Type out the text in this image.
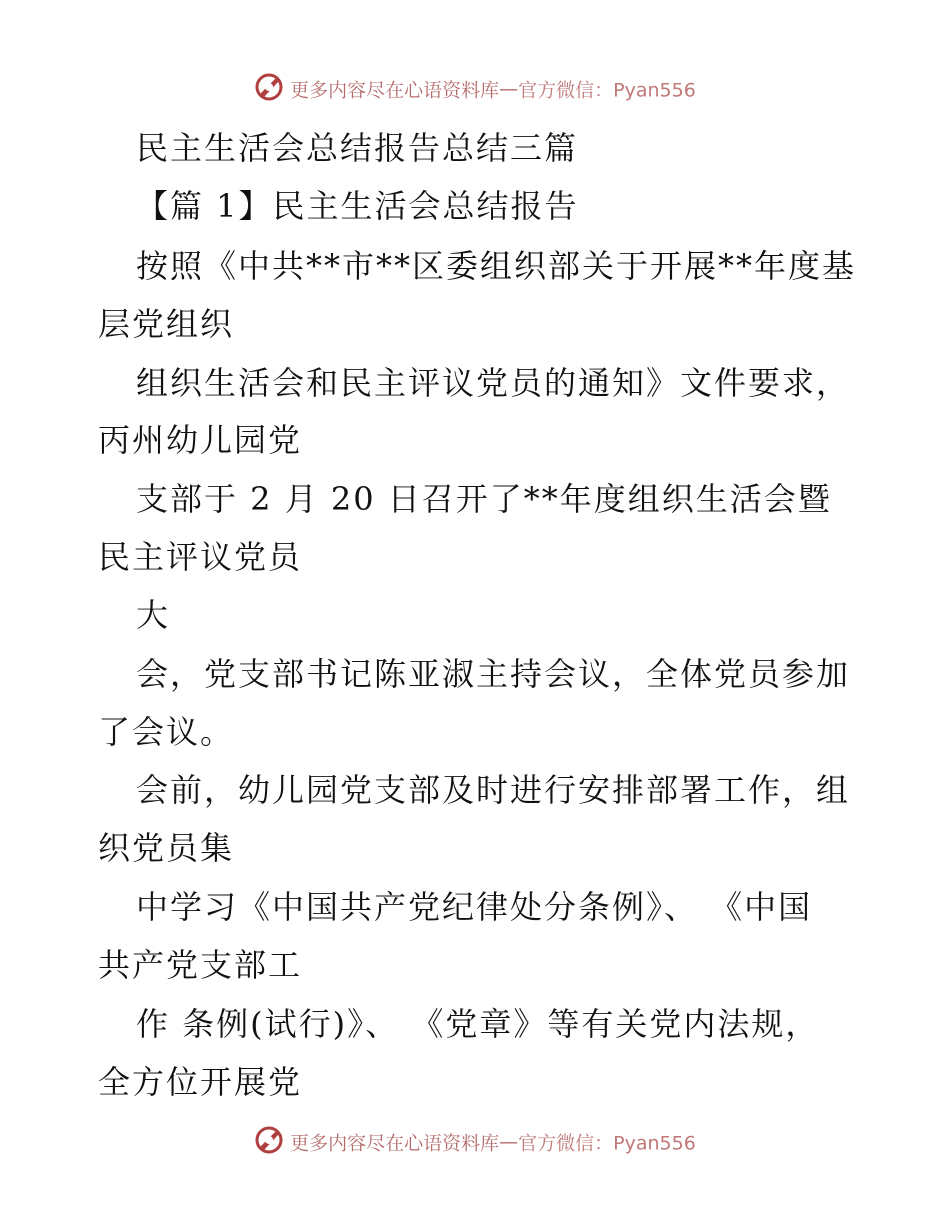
更多内容尽在心语资料库—官方微信：Pyan556
民主生活会总结报告总结三篇
【篇 1】民主生活会总结报告
按照《中共**市**区委组织部关于开展**年度基
层党组织
组织生活会和民主评议党员的通知》文件要求，
丙州幼儿园党
支部于 2 月 20 日召开了**年度组织生活会暨
民主评议党员
大
会，党支部书记陈亚淑主持会议，全体党员参加
了会议。
会前，幼儿园党支部及时进行安排部署工作，组
织党员集
中学习《中国共产党纪律处分条例》、 《中国
共产党支部工
作 条例(试行)》、 《党章》等有关党内法规，
全方位开展党
更多内容尽在心语资料库—官方微信：Pyan556
